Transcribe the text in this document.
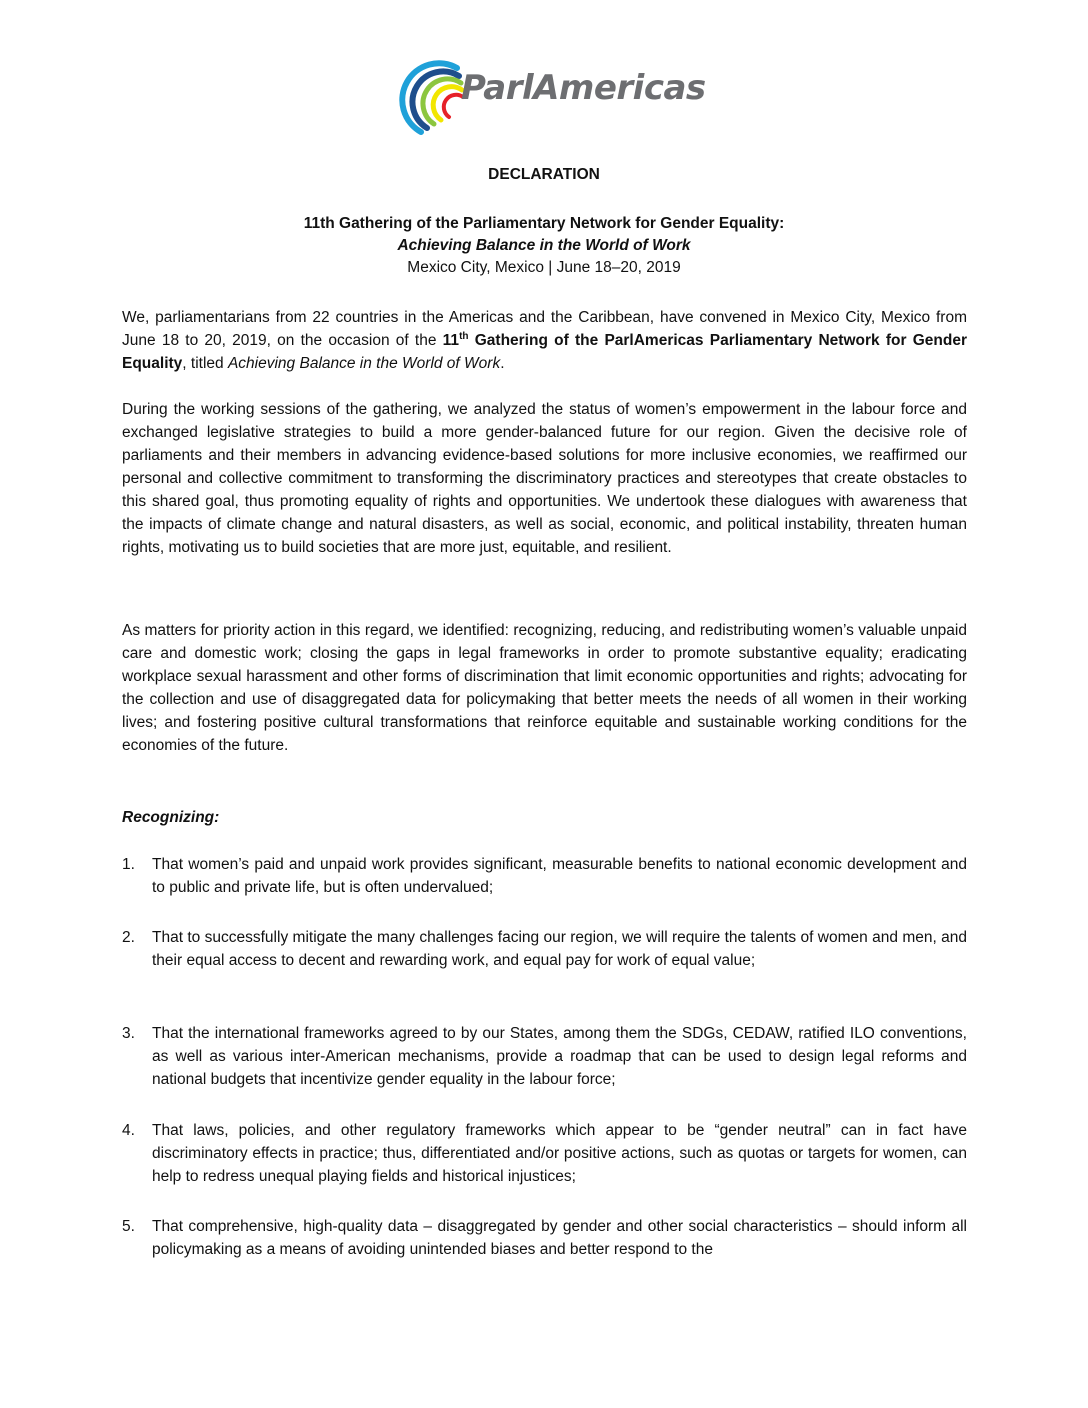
ParlAmericas

DECLARATION

11th Gathering of the Parliamentary Network for Gender Equality:

Achieving Balance in the World of Work

Mexico City, Mexico | June 18–20, 2019

We, parliamentarians from 22 countries in the Americas and the Caribbean, have convened in Mexico City, Mexico from June 18 to 20, 2019, on the occasion of the 11th Gathering of the ParlAmericas Parliamentary Network for Gender Equality, titled Achieving Balance in the World of Work.

During the working sessions of the gathering, we analyzed the status of women’s empowerment in the labour force and exchanged legislative strategies to build a more gender-balanced future for our region. Given the decisive role of parliaments and their members in advancing evidence-based solutions for more inclusive economies, we reaffirmed our personal and collective commitment to transforming the discriminatory practices and stereotypes that create obstacles to this shared goal, thus promoting equality of rights and opportunities. We undertook these dialogues with awareness that the impacts of climate change and natural disasters, as well as social, economic, and political instability, threaten human rights, motivating us to build societies that are more just, equitable, and resilient.

As matters for priority action in this regard, we identified: recognizing, reducing, and redistributing women’s valuable unpaid care and domestic work; closing the gaps in legal frameworks in order to promote substantive equality; eradicating workplace sexual harassment and other forms of discrimination that limit economic opportunities and rights; advocating for the collection and use of disaggregated data for policymaking that better meets the needs of all women in their working lives; and fostering positive cultural transformations that reinforce equitable and sustainable working conditions for the economies of the future.

Recognizing:

1.	That women’s paid and unpaid work provides significant, measurable benefits to national economic development and to public and private life, but is often undervalued;

2.	That to successfully mitigate the many challenges facing our region, we will require the talents of women and men, and their equal access to decent and rewarding work, and equal pay for work of equal value;

3.	That the international frameworks agreed to by our States, among them the SDGs, CEDAW, ratified ILO conventions, as well as various inter-American mechanisms, provide a roadmap that can be used to design legal reforms and national budgets that incentivize gender equality in the labour force;

4.	That laws, policies, and other regulatory frameworks which appear to be “gender neutral” can in fact have discriminatory effects in practice; thus, differentiated and/or positive actions, such as quotas or targets for women, can help to redress unequal playing fields and historical injustices;

5.	That comprehensive, high-quality data – disaggregated by gender and other social characteristics – should inform all policymaking as a means of avoiding unintended biases and better respond to the
